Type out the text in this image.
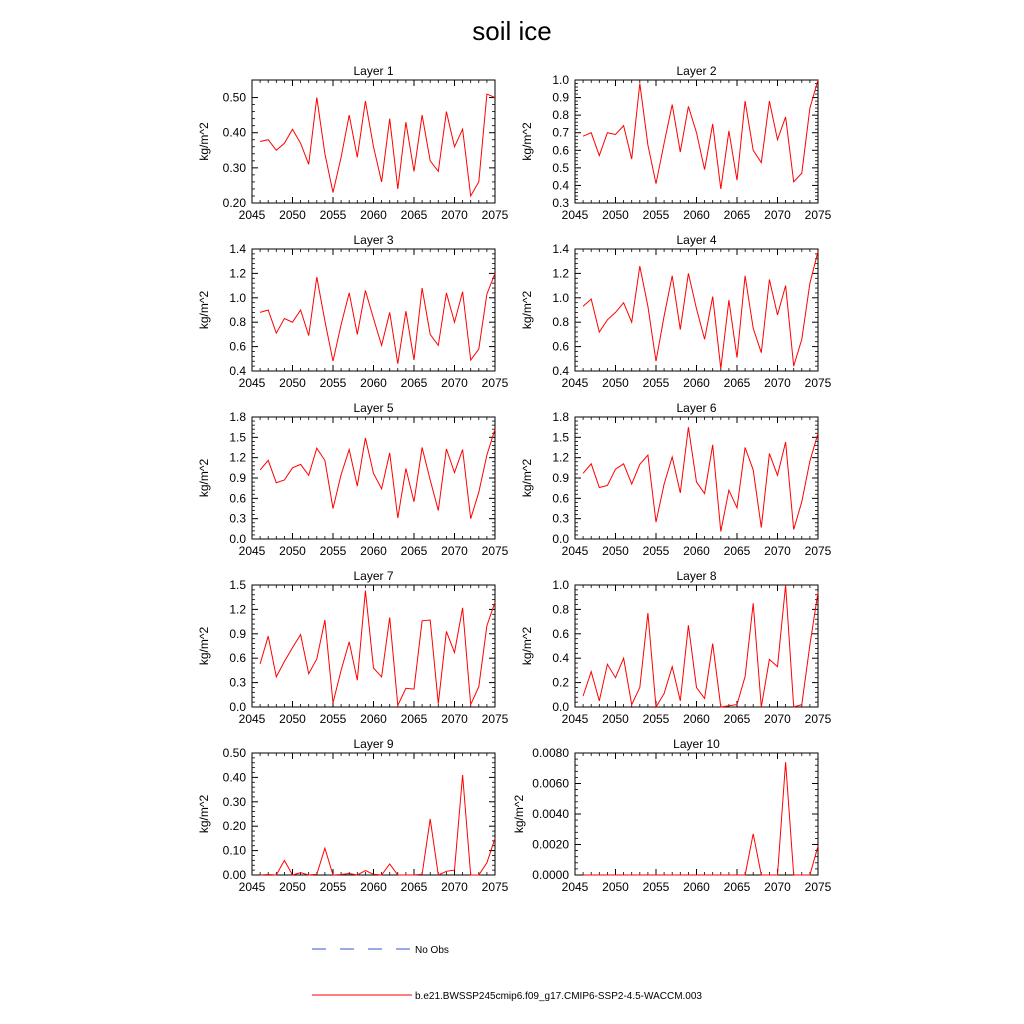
soil ice
Layer 1
2045 2050 2055 2060 2065 2070 2075
0.20
0.30
0.40
0.50
kg/m^2
Layer 2
2045 2050 2055 2060 2065 2070 2075
0.3
0.4
0.5
0.6
0.7
0.8
0.9
1.0
kg/m^2
Layer 3
2045 2050 2055 2060 2065 2070 2075
0.4
0.6
0.8
1.0
1.2
1.4
kg/m^2
Layer 4
2045 2050 2055 2060 2065 2070 2075
0.4
0.6
0.8
1.0
1.2
1.4
kg/m^2
Layer 5
2045 2050 2055 2060 2065 2070 2075
0.0
0.3
0.6
0.9
1.2
1.5
1.8
kg/m^2
Layer 6
2045 2050 2055 2060 2065 2070 2075
0.0
0.3
0.6
0.9
1.2
1.5
1.8
kg/m^2
Layer 7
2045 2050 2055 2060 2065 2070 2075
0.0
0.3
0.6
0.9
1.2
1.5
kg/m^2
Layer 8
2045 2050 2055 2060 2065 2070 2075
0.0
0.2
0.4
0.6
0.8
1.0
kg/m^2
Layer 9
2045 2050 2055 2060 2065 2070 2075
0.00
0.10
0.20
0.30
0.40
0.50
kg/m^2
Layer 10
2045 2050 2055 2060 2065 2070 2075
0.0000
0.0020
0.0040
0.0060
0.0080
kg/m^2
No Obs
b.e21.BWSSP245cmip6.f09_g17.CMIP6-SSP2-4.5-WACCM.003
